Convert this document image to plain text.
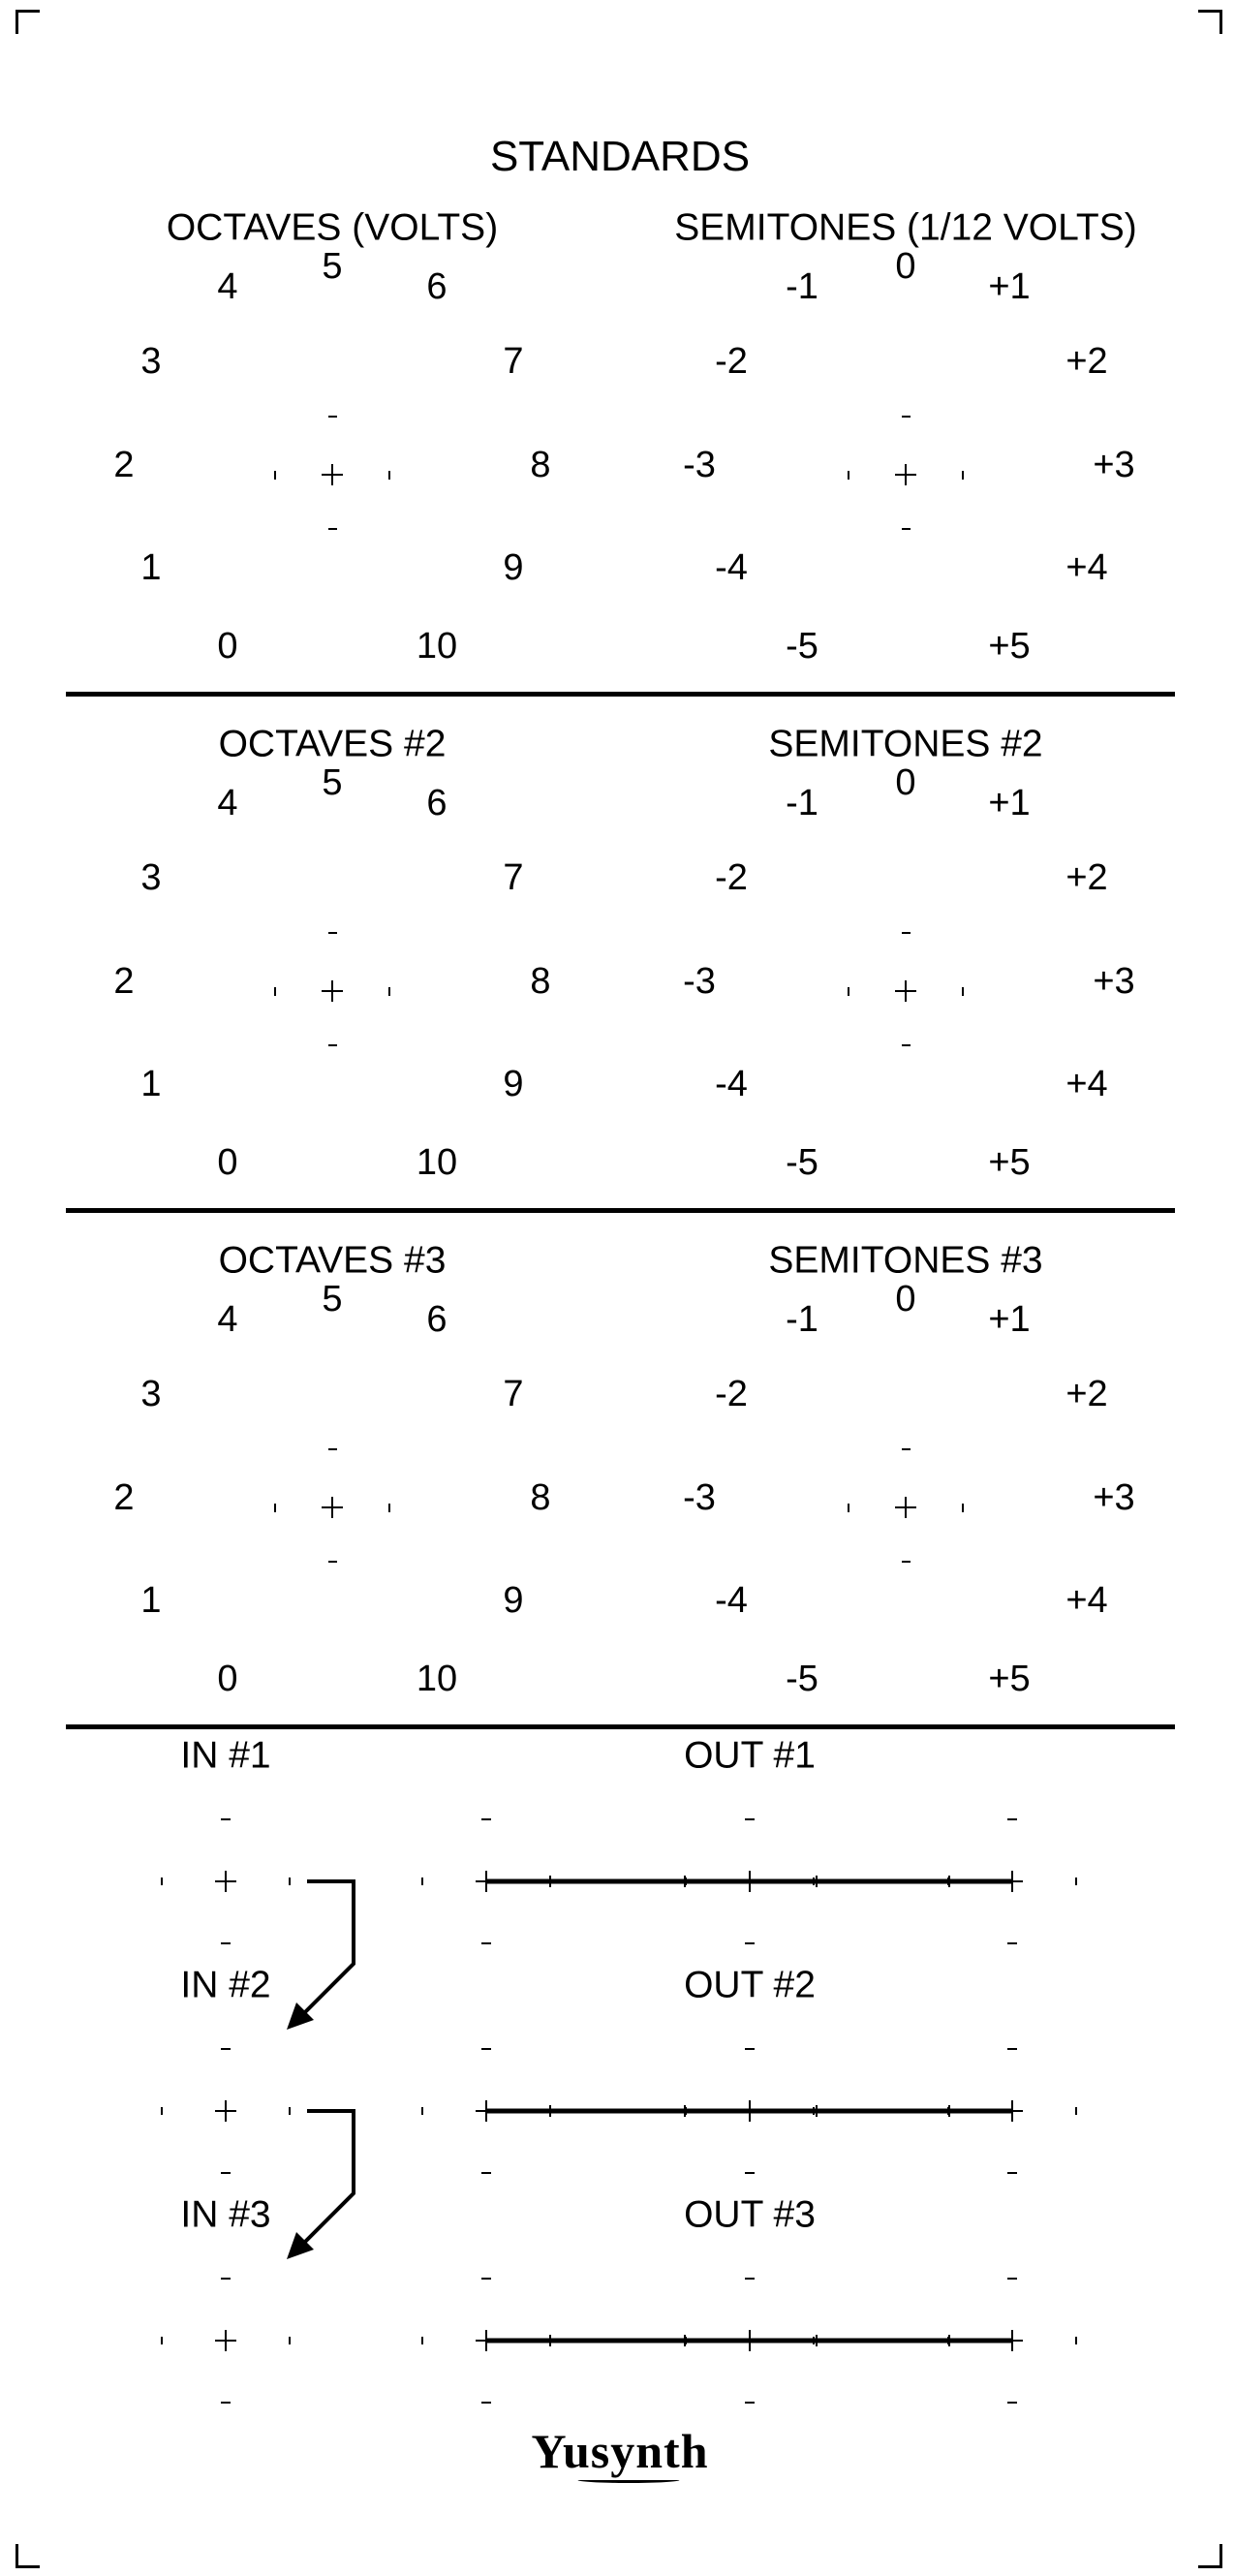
STANDARDS
OCTAVES (VOLTS)	SEMITONES (1/12 VOLTS)
OCTAVES #2	SEMITONES #2
OCTAVES #3	SEMITONES #3
0
1
2
3
4 5 6
7
8
9
10	-5
-4
-3
-2
-1 0 +1
+2
+3
+4
+5
0
1
2
3
4 5 6
7
8
9
10	-5
-4
-3
-2
-1 0 +1
+2
+3
+4
+5
0
1
2
3
4 5 6
7
8
9
10	-5
-4
-3
-2
-1 0 +1
+2
+3
+4
+5
IN #1	OUT #1
IN #2	OUT #2
IN #3	OUT #3
Yusynth
